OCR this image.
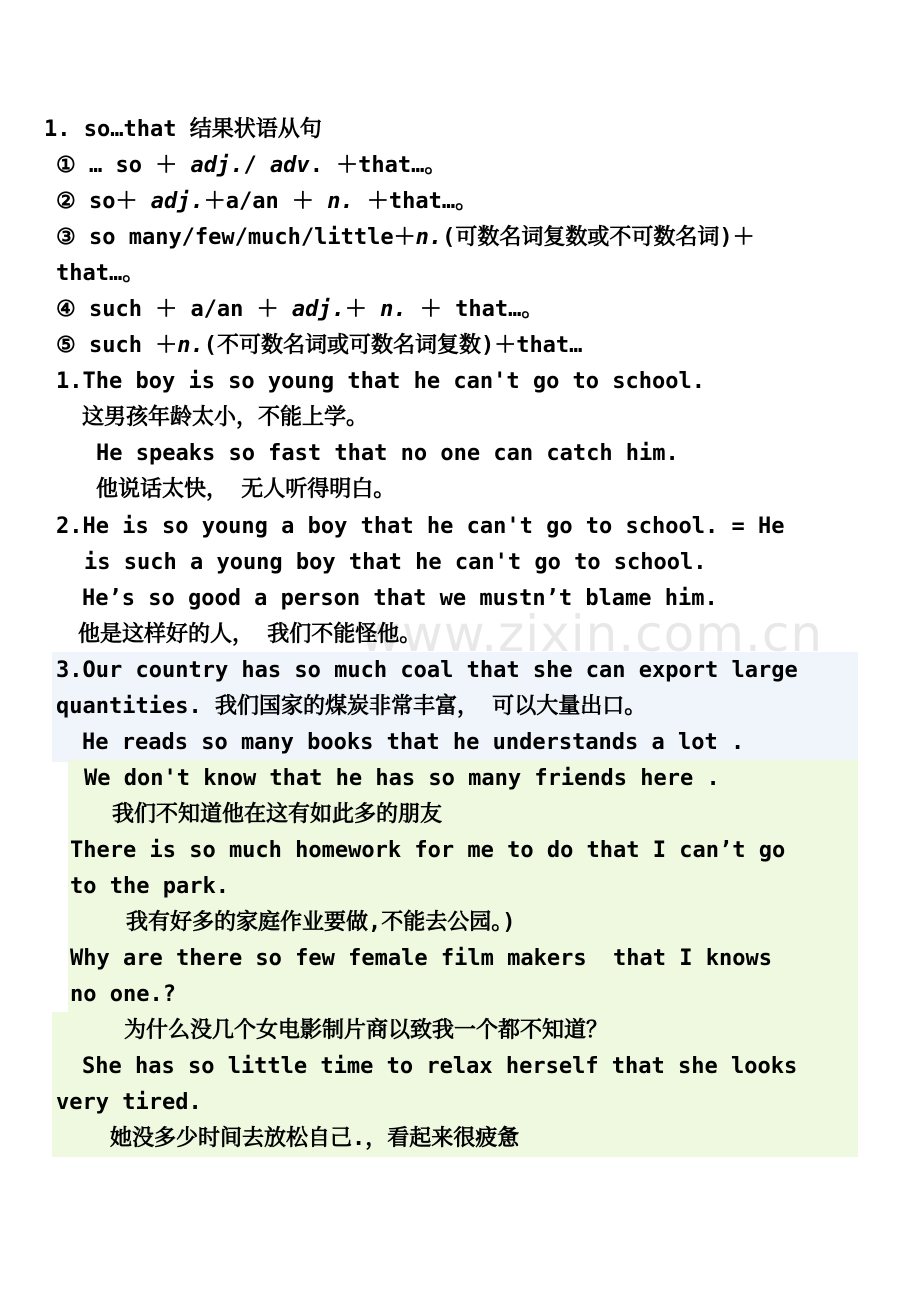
1. so…that 结果状语从句
① … so ＋ adj./ adv. ＋that…。
② so＋ adj.＋a/an ＋ n. ＋that…。
③ so many/few/much/little＋n.(可数名词复数或不可数名词)＋
that…。
④ such ＋ a/an ＋ adj.＋ n. ＋ that…。
⑤ such ＋n.(不可数名词或可数名词复数)＋that…
1.The boy is so young that he can't go to school.
这男孩年龄太小，不能上学。
He speaks so fast that no one can catch him.
他说话太快， 无人听得明白。
2.He is so young a boy that he can't go to school. = He
is such a young boy that he can't go to school.
He’s so good a person that we mustn’t blame him.
他是这样好的人， 我们不能怪他。
3.Our country has so much coal that she can export large
quantities. 我们国家的煤炭非常丰富， 可以大量出口。
He reads so many books that he understands a lot .
We don't know that he has so many friends here .
我们不知道他在这有如此多的朋友
There is so much homework for me to do that I can’t go
to the park.
我有好多的家庭作业要做,不能去公园。)
Why are there so few female film makers  that I knows
no one.?
为什么没几个女电影制片商以致我一个都不知道？
She has so little time to relax herself that she looks
very tired.
她没多少时间去放松自己.，看起来很疲惫
www.zixin.com.cn
